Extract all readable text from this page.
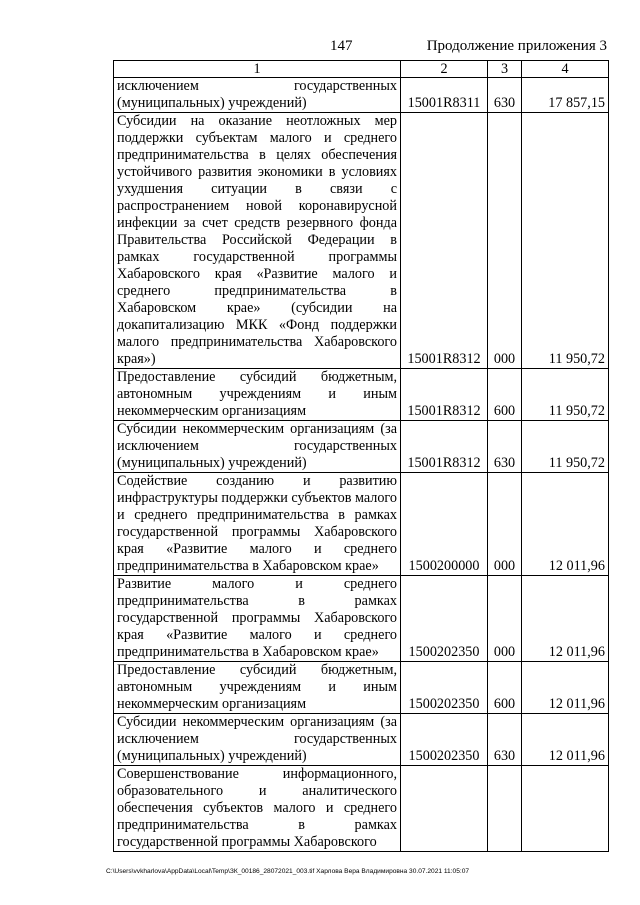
147	Продолжение приложения 3
1	2	3	4
исключением государственных (муниципальных) учреждений)	15001R8311	630	17 857,15
Субсидии на оказание неотложных мер поддержки субъектам малого и среднего предпринимательства в целях обеспечения устойчивого развития экономики в условиях ухудшения ситуации в связи с распространением новой коронавирусной инфекции за счет средств резервного фонда Правительства Российской Федерации в рамках государственной программы Хабаровского края «Развитие малого и среднего предпринимательства в Хабаровском крае» (субсидии на докапитализацию МКК «Фонд поддержки малого предпринимательства Хабаровского края»)	15001R8312	000	11 950,72
Предоставление субсидий бюджетным, автономным учреждениям и иным некоммерческим организациям	15001R8312	600	11 950,72
Субсидии некоммерческим организациям (за исключением государственных (муниципальных) учреждений)	15001R8312	630	11 950,72
Содействие созданию и развитию инфраструктуры поддержки субъектов малого и среднего предпринимательства в рамках государственной программы Хабаровского края «Развитие малого и среднего предпринимательства в Хабаровском крае»	1500200000	000	12 011,96
Развитие малого и среднего предпринимательства в рамках государственной программы Хабаровского края «Развитие малого и среднего предпринимательства в Хабаровском крае»	1500202350	000	12 011,96
Предоставление субсидий бюджетным, автономным учреждениям и иным некоммерческим организациям	1500202350	600	12 011,96
Субсидии некоммерческим организациям (за исключением государственных (муниципальных) учреждений)	1500202350	630	12 011,96
Совершенствование информационного, образовательного и аналитического обеспечения субъектов малого и среднего предпринимательства в рамках государственной программы Хабаровского			
C:\Users\vvkharlova\AppData\Local\Temp\ЗК_00186_28072021_003.tif Харлова Вера Владимировна 30.07.2021 11:05:07
